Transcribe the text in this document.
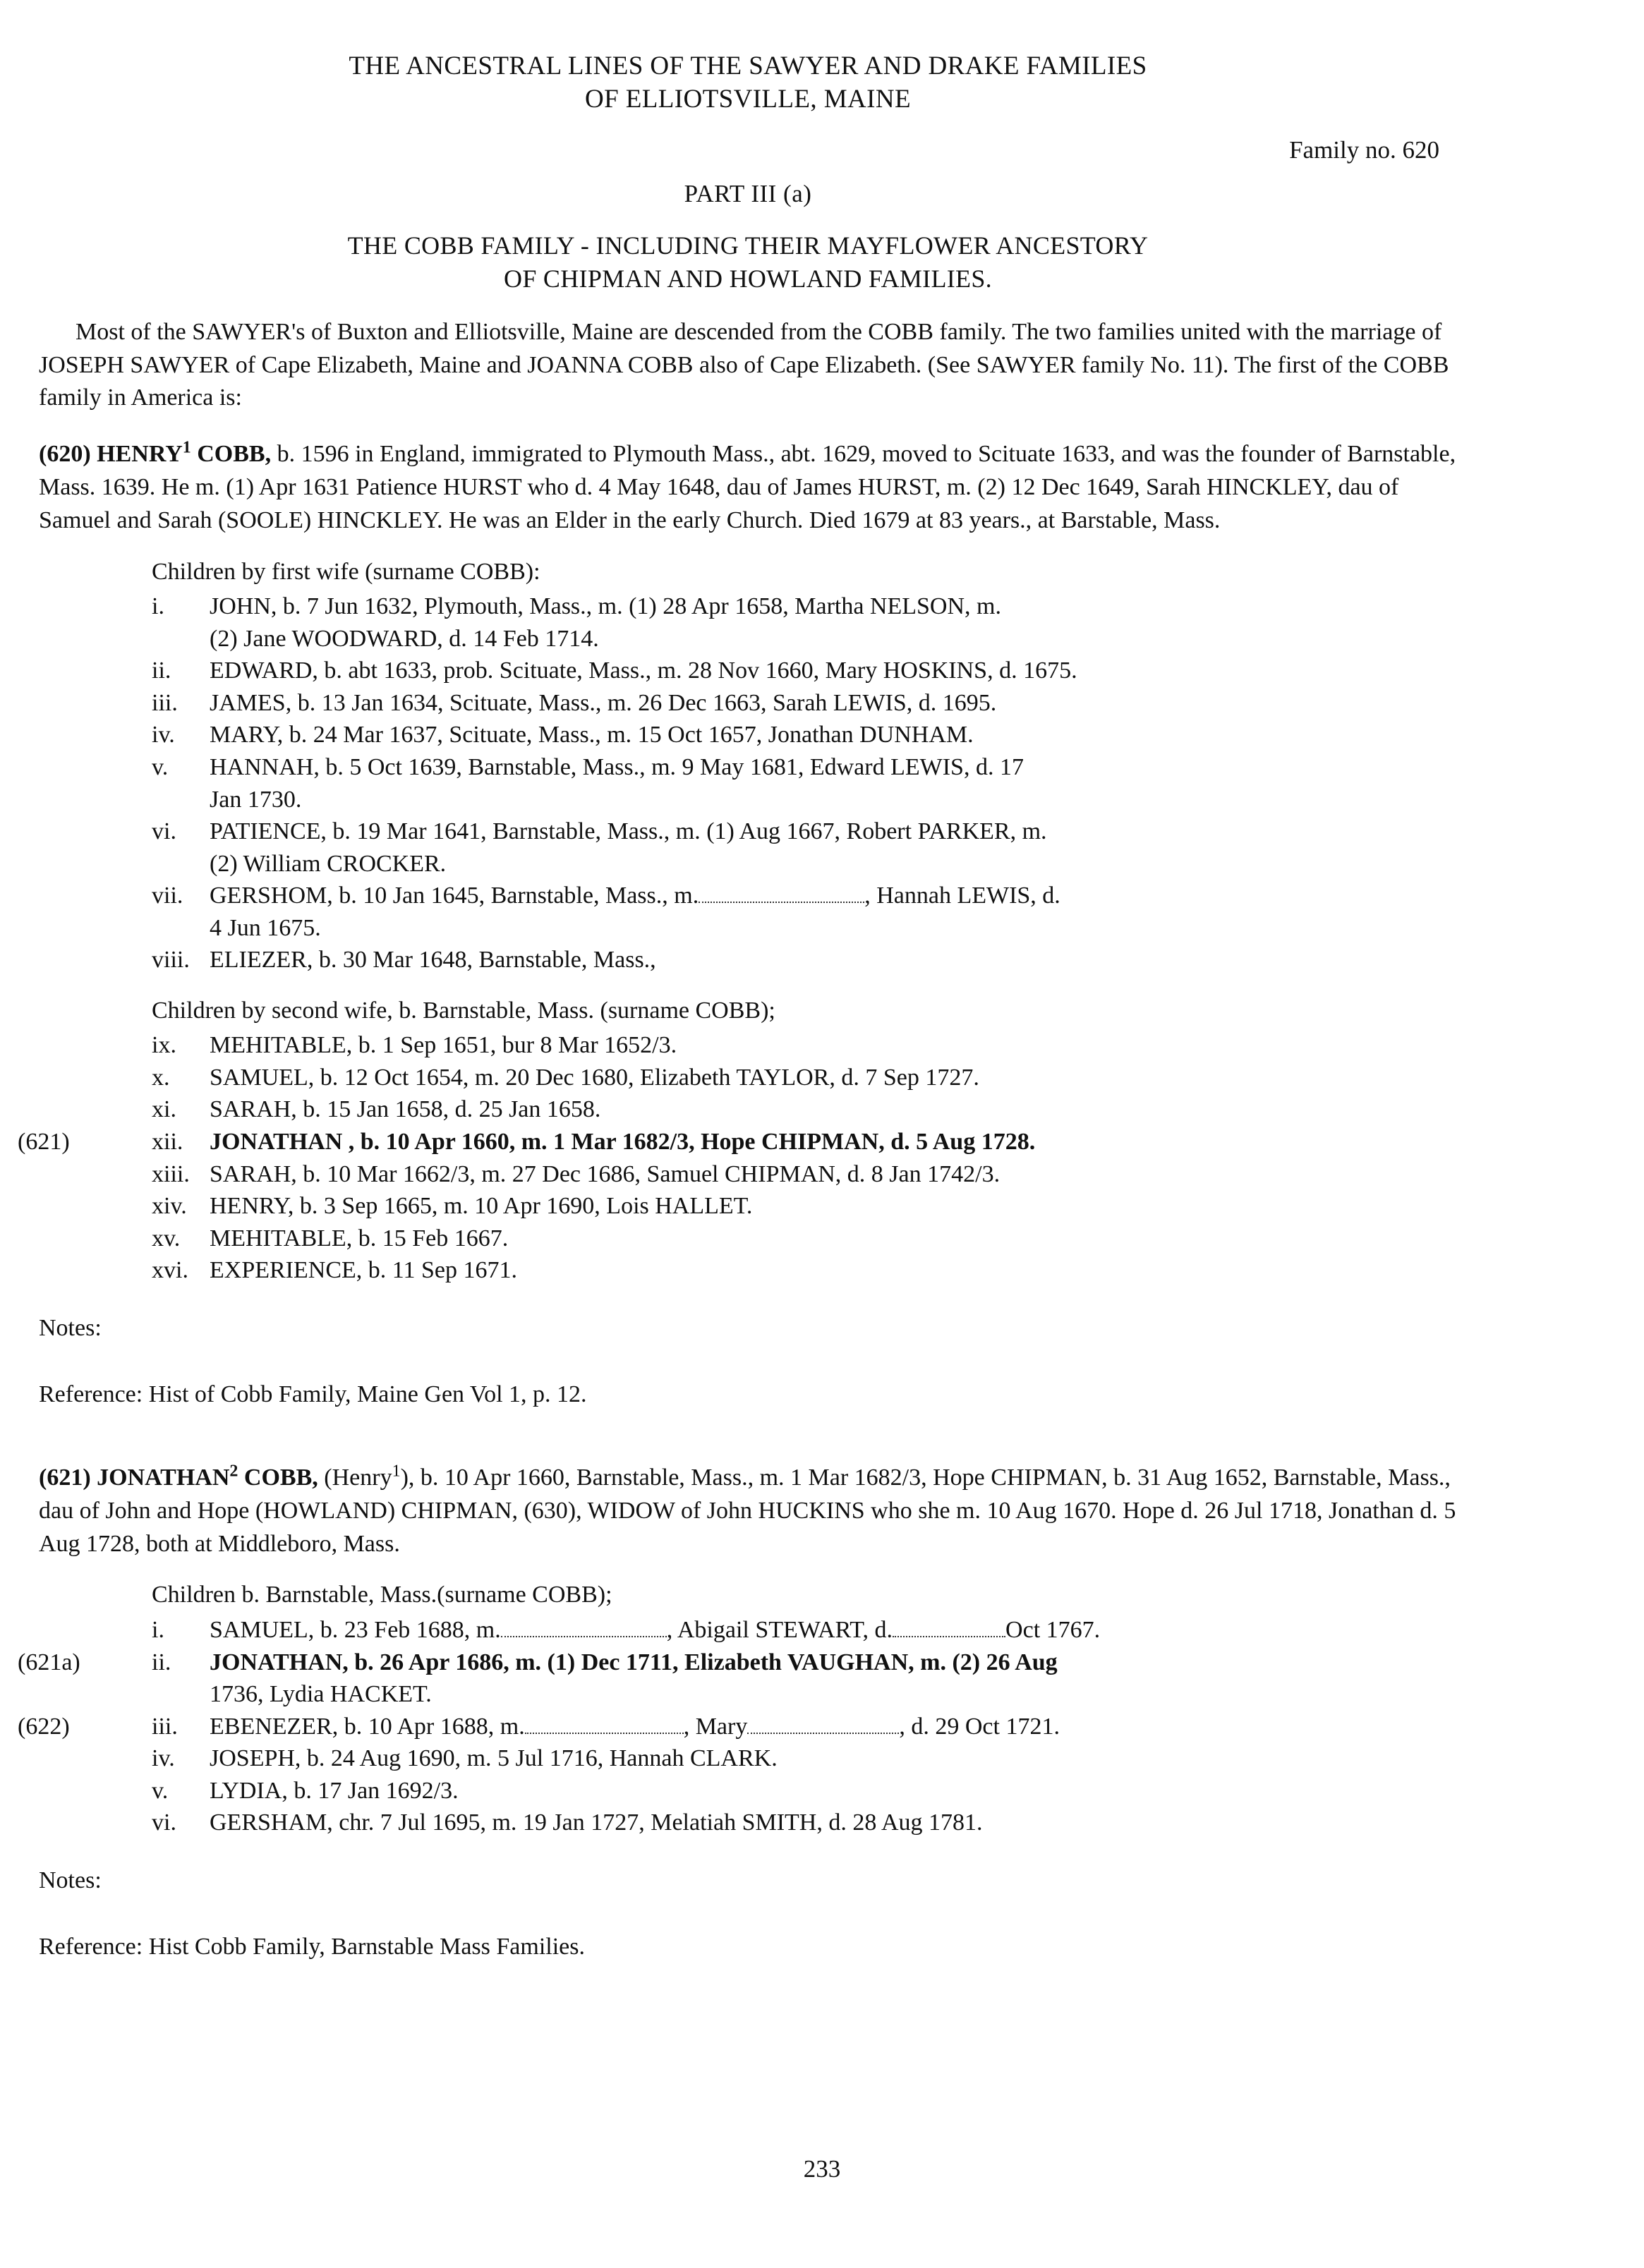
THE ANCESTRAL LINES OF THE SAWYER AND DRAKE FAMILIES
OF ELLIOTSVILLE, MAINE
Family no. 620
PART III (a)
THE COBB FAMILY - INCLUDING THEIR MAYFLOWER ANCESTORY
OF CHIPMAN AND HOWLAND FAMILIES.
Most of the SAWYER's of Buxton and Elliotsville, Maine are descended from the COBB family. The two families united with the marriage of JOSEPH SAWYER of Cape Elizabeth, Maine and JOANNA COBB also of Cape Elizabeth. (See SAWYER family No. 11). The first of the COBB family in America is:
(620) HENRY$^1$ COBB, b. 1596 in England, immigrated to Plymouth Mass., abt. 1629, moved to Scituate 1633, and was the founder of Barnstable, Mass. 1639. He m. (1) Apr 1631 Patience HURST who d. 4 May 1648, dau of James HURST, m. (2) 12 Dec 1649, Sarah HINCKLEY, dau of Samuel and Sarah (SOOLE) HINCKLEY. He was an Elder in the early Church. Died 1679 at 83 years., at Barstable, Mass.
Children by first wife (surname COBB):
i.	JOHN, b. 7 Jun 1632, Plymouth, Mass., m. (1) 28 Apr 1658, Martha NELSON, m.
(2) Jane WOODWARD, d. 14 Feb 1714.
ii.	EDWARD, b. abt 1633, prob. Scituate, Mass., m. 28 Nov 1660, Mary HOSKINS, d. 1675.
iii.	JAMES, b. 13 Jan 1634, Scituate, Mass., m. 26 Dec 1663, Sarah LEWIS, d. 1695.
iv.	MARY, b. 24 Mar 1637, Scituate, Mass., m. 15 Oct 1657, Jonathan DUNHAM.
v.	HANNAH, b. 5 Oct 1639, Barnstable, Mass., m. 9 May 1681, Edward LEWIS, d. 17
Jan 1730.
vi.	PATIENCE, b. 19 Mar 1641, Barnstable, Mass., m. (1) Aug 1667, Robert PARKER, m.
(2) William CROCKER.
vii.	GERSHOM, b. 10 Jan 1645, Barnstable, Mass., m.	, Hannah LEWIS, d.
4 Jun 1675.
viii. ELIEZER, b. 30 Mar 1648, Barnstable, Mass.,
Children by second wife, b. Barnstable, Mass. (surname COBB);
ix.	MEHITABLE, b. 1 Sep 1651, bur 8 Mar 1652/3.
x.	SAMUEL, b. 12 Oct 1654, m. 20 Dec 1680, Elizabeth TAYLOR, d. 7 Sep 1727.
xi.	SARAH, b. 15 Jan 1658, d. 25 Jan 1658.
(621)	xii.	JONATHAN , b. 10 Apr 1660, m. 1 Mar 1682/3, Hope CHIPMAN, d. 5 Aug 1728.
xiii. SARAH, b. 10 Mar 1662/3, m. 27 Dec 1686, Samuel CHIPMAN, d. 8 Jan 1742/3.
xiv. HENRY, b. 3 Sep 1665, m. 10 Apr 1690, Lois HALLET.
xv.	MEHITABLE, b. 15 Feb 1667.
xvi. EXPERIENCE, b. 11 Sep 1671.
Notes:
Reference: Hist of Cobb Family, Maine Gen Vol 1, p. 12.
(621) JONATHAN$^2$ COBB, (Henry$^1$), b. 10 Apr 1660, Barnstable, Mass., m. 1 Mar 1682/3, Hope CHIPMAN, b. 31 Aug 1652, Barnstable, Mass., dau of John and Hope (HOWLAND) CHIPMAN, (630), WIDOW of John HUCKINS who she m. 10 Aug 1670. Hope d. 26 Jul 1718, Jonathan d. 5 Aug 1728, both at Middleboro, Mass.
Children b. Barnstable, Mass.(surname COBB);
i.	SAMUEL, b. 23 Feb 1688, m.	, Abigail STEWART, d.	Oct 1767.
(621a)	ii.	JONATHAN, b. 26 Apr 1686, m. (1) Dec 1711, Elizabeth VAUGHAN, m. (2) 26 Aug
1736, Lydia HACKET.
(622)	iii.	EBENEZER, b. 10 Apr 1688, m.	, Mary	, d. 29 Oct 1721.
iv.	JOSEPH, b. 24 Aug 1690, m. 5 Jul 1716, Hannah CLARK.
v.	LYDIA, b. 17 Jan 1692/3.
vi.	GERSHAM, chr. 7 Jul 1695, m. 19 Jan 1727, Melatiah SMITH, d. 28 Aug 1781.
Notes:
Reference: Hist Cobb Family, Barnstable Mass Families.
233
